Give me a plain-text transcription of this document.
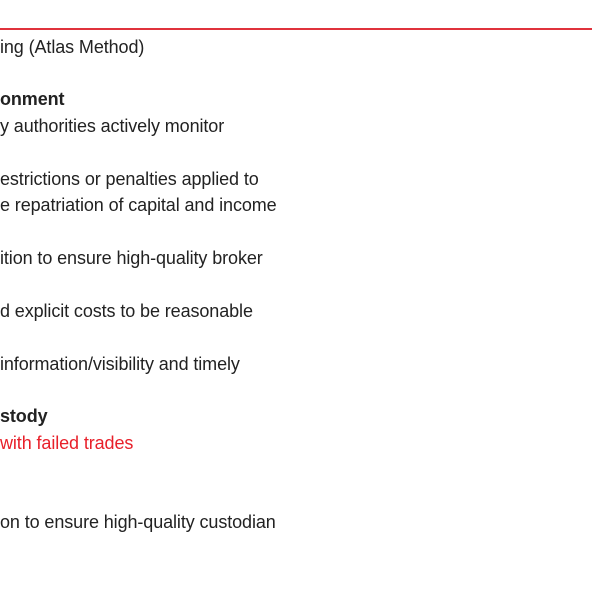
ing (Atlas Method)
onment
y authorities actively monitor
estrictions or penalties applied to
e repatriation of capital and income
ition to ensure high-quality broker
d explicit costs to be reasonable
information/visibility and timely
stody
with failed trades
on to ensure high-quality custodian
